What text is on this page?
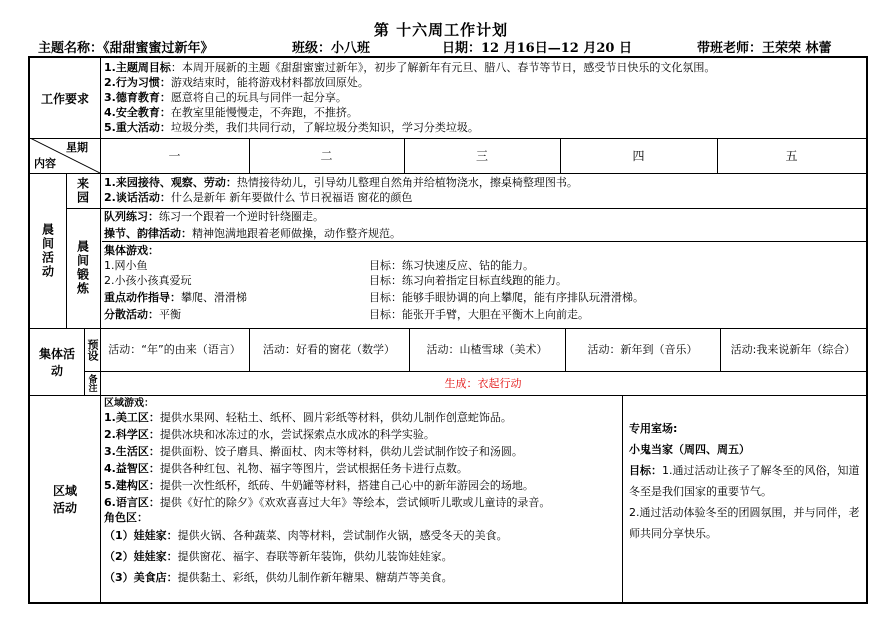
第 十六周工作计划
主题名称：《甜甜蜜蜜过新年》	班级：小八班	日期：12 月16日—12 月20 日	带班老师：王荣荣 林蕾
工作要求
1.主题周目标：本周开展新的主题《甜甜蜜蜜过新年》，初步了解新年有元旦、腊八、春节等节日，感受节日快乐的文化氛围。
2.行为习惯：游戏结束时，能将游戏材料都放回原处。
3.德育教育：愿意将自己的玩具与同伴一起分享。
4.安全教育：在教室里能慢慢走，不奔跑，不推挤。
5.重大活动：垃圾分类，我们共同行动，了解垃圾分类知识，学习分类垃圾。
星期
内容
一	二	三	四	五
晨间活动
来园	1.来园接待、观察、劳动：热情接待幼儿，引导幼儿整理自然角并给植物浇水，擦桌椅整理图书。
2.谈话活动：什么是新年 新年要做什么 节日祝福语 窗花的颜色
晨间锻炼
队列练习：练习一个跟着一个逆时针绕圈走。
操节、韵律活动：精神饱满地跟着老师做操，动作整齐规范。
集体游戏：
1.网小鱼	目标：练习快速反应、钻的能力。
2.小孩小孩真爱玩	目标：练习向着指定目标直线跑的能力。
重点动作指导：攀爬、滑滑梯	目标：能够手眼协调的向上攀爬，能有序排队玩滑滑梯。
分散活动：平衡	目标：能张开手臂，大胆在平衡木上向前走。
集体活动
预设
备注
活动：“年”的由来（语言）	活动：好看的窗花（数学）	活动：山楂雪球（美术）	活动：新年到（音乐）	活动:我来说新年（综合）
生成：衣起行动
区域活动
区域游戏：
1.美工区：提供水果网、轻粘土、纸杯、圆片彩纸等材料，供幼儿制作创意蛇饰品。
2.科学区：提供冰块和冰冻过的水，尝试探索点水成冰的科学实验。
3.生活区：提供面粉、饺子磨具、擀面杖、肉末等材料，供幼儿尝试制作饺子和汤圆。
4.益智区：提供各种红包、礼物、福字等图片，尝试根据任务卡进行点数。
5.建构区：提供一次性纸杯，纸砖、牛奶罐等材料，搭建自己心中的新年游园会的场地。
6.语言区：提供《好忙的除夕》《欢欢喜喜过大年》等绘本，尝试倾听儿歌或儿童诗的录音。
角色区：
（1）娃娃家：提供火锅、各种蔬菜、肉等材料，尝试制作火锅，感受冬天的美食。
（2）娃娃家：提供窗花、福字、春联等新年装饰，供幼儿装饰娃娃家。
（3）美食店：提供黏土、彩纸，供幼儿制作新年糖果、糖葫芦等美食。
专用室场:
小鬼当家（周四、周五）
目标：1.通过活动让孩子了解冬至的风俗，知道冬至是我们国家的重要节气。
2.通过活动体验冬至的团圆氛围，并与同伴，老师共同分享快乐。
